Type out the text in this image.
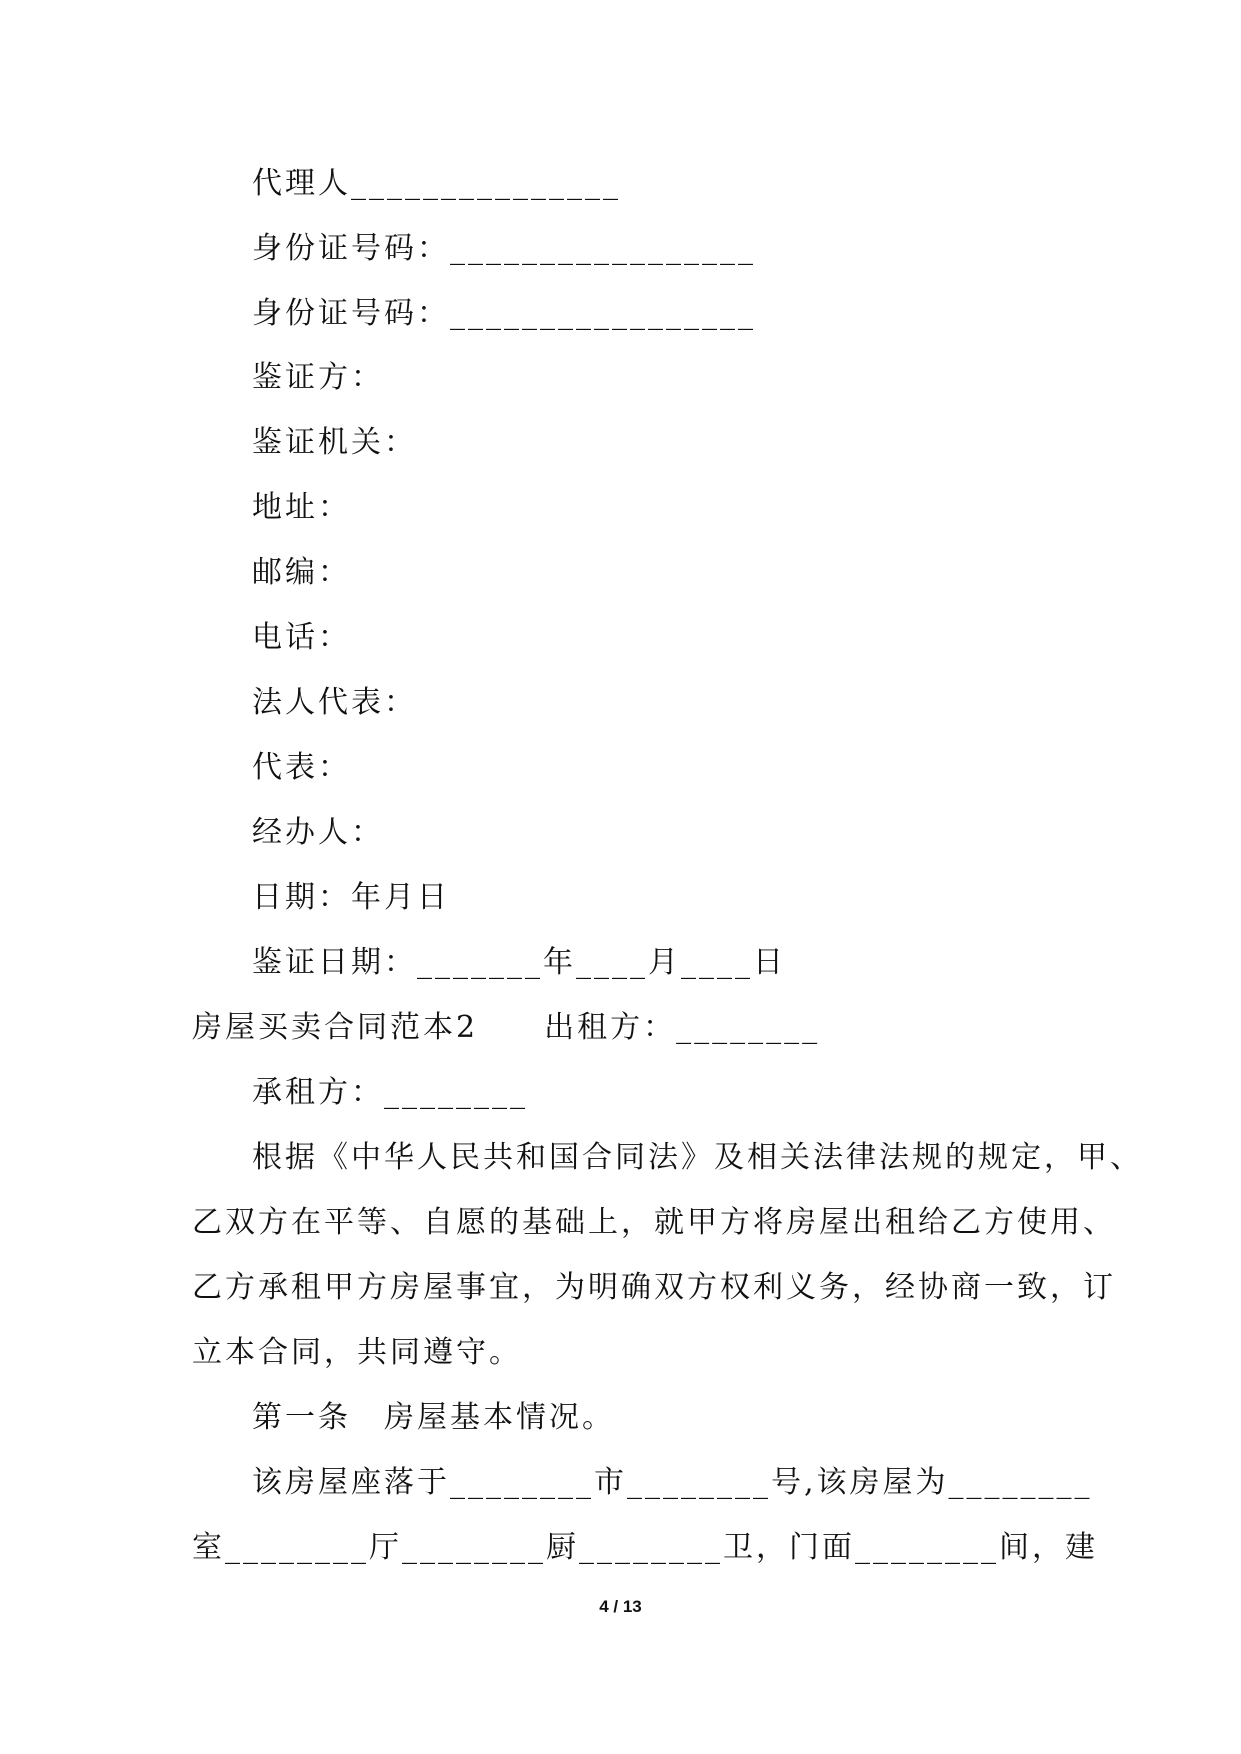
代理人_______________
身份证号码：_________________
身份证号码：_________________
鉴证方：
鉴证机关：
地址：
邮编：
电话：
法人代表：
代表：
经办人：
日期：年月日
鉴证日期：_______年____月____日
房屋买卖合同范本2　　出租方：________
承租方：________
根据《中华人民共和国合同法》及相关法律法规的规定，甲、
乙双方在平等、自愿的基础上，就甲方将房屋出租给乙方使用、
乙方承租甲方房屋事宜，为明确双方权利义务，经协商一致，订
立本合同，共同遵守。
第一条　房屋基本情况。
该房屋座落于________市________号,该房屋为________
室________厅________厨________卫，门面________间，建
4 / 13
